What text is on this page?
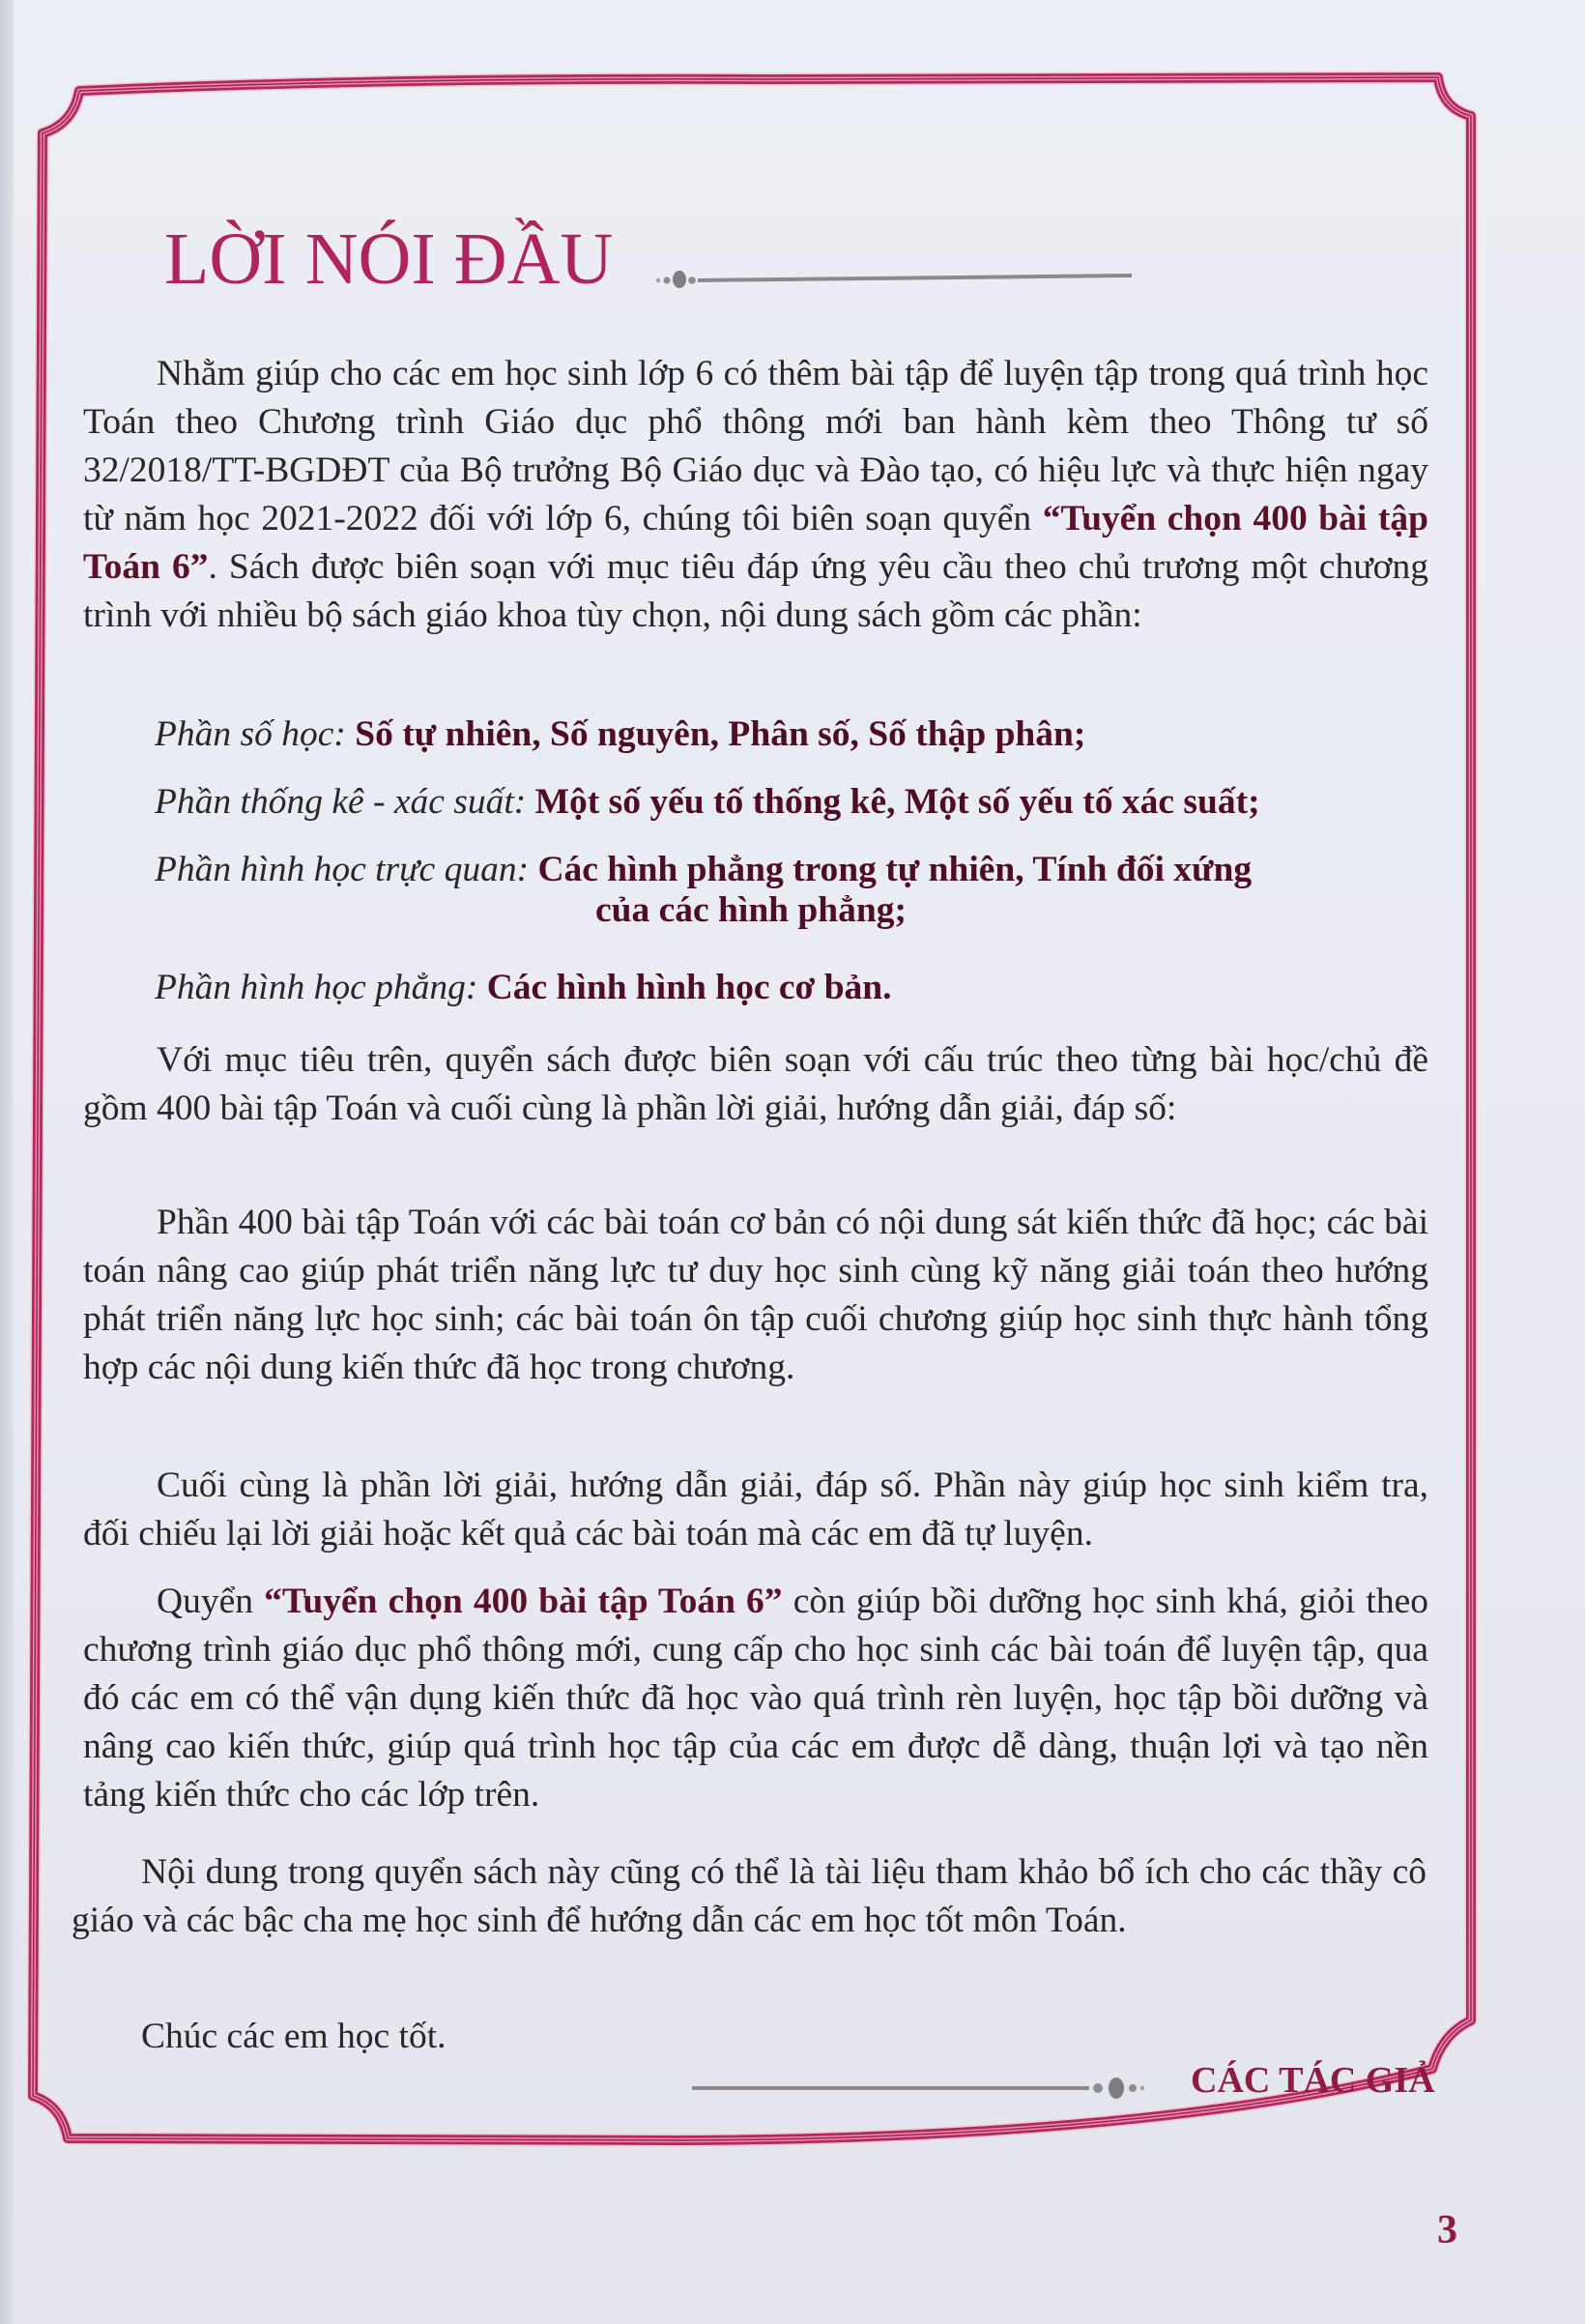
LỜI NÓI ĐẦU

Nhằm giúp cho các em học sinh lớp 6 có thêm bài tập để luyện tập trong quá trình học Toán theo Chương trình Giáo dục phổ thông mới ban hành kèm theo Thông tư số 32/2018/TT-BGDĐT của Bộ trưởng Bộ Giáo dục và Đào tạo, có hiệu lực và thực hiện ngay từ năm học 2021-2022 đối với lớp 6, chúng tôi biên soạn quyển “Tuyển chọn 400 bài tập Toán 6”. Sách được biên soạn với mục tiêu đáp ứng yêu cầu theo chủ trương một chương trình với nhiều bộ sách giáo khoa tùy chọn, nội dung sách gồm các phần:

Phần số học: Số tự nhiên, Số nguyên, Phân số, Số thập phân;
Phần thống kê - xác suất: Một số yếu tố thống kê, Một số yếu tố xác suất;
Phần hình học trực quan: Các hình phẳng trong tự nhiên, Tính đối xứng
của các hình phẳng;
Phần hình học phẳng: Các hình hình học cơ bản.

Với mục tiêu trên, quyển sách được biên soạn với cấu trúc theo từng bài học/chủ đề gồm 400 bài tập Toán và cuối cùng là phần lời giải, hướng dẫn giải, đáp số:

Phần 400 bài tập Toán với các bài toán cơ bản có nội dung sát kiến thức đã học; các bài toán nâng cao giúp phát triển năng lực tư duy học sinh cùng kỹ năng giải toán theo hướng phát triển năng lực học sinh; các bài toán ôn tập cuối chương giúp học sinh thực hành tổng hợp các nội dung kiến thức đã học trong chương.

Cuối cùng là phần lời giải, hướng dẫn giải, đáp số. Phần này giúp học sinh kiểm tra, đối chiếu lại lời giải hoặc kết quả các bài toán mà các em đã tự luyện.

Quyển “Tuyển chọn 400 bài tập Toán 6” còn giúp bồi dưỡng học sinh khá, giỏi theo chương trình giáo dục phổ thông mới, cung cấp cho học sinh các bài toán để luyện tập, qua đó các em có thể vận dụng kiến thức đã học vào quá trình rèn luyện, học tập bồi dưỡng và nâng cao kiến thức, giúp quá trình học tập của các em được dễ dàng, thuận lợi và tạo nền tảng kiến thức cho các lớp trên.

Nội dung trong quyển sách này cũng có thể là tài liệu tham khảo bổ ích cho các thầy cô giáo và các bậc cha mẹ học sinh để hướng dẫn các em học tốt môn Toán.

Chúc các em học tốt.

CÁC TÁC GIẢ
3
